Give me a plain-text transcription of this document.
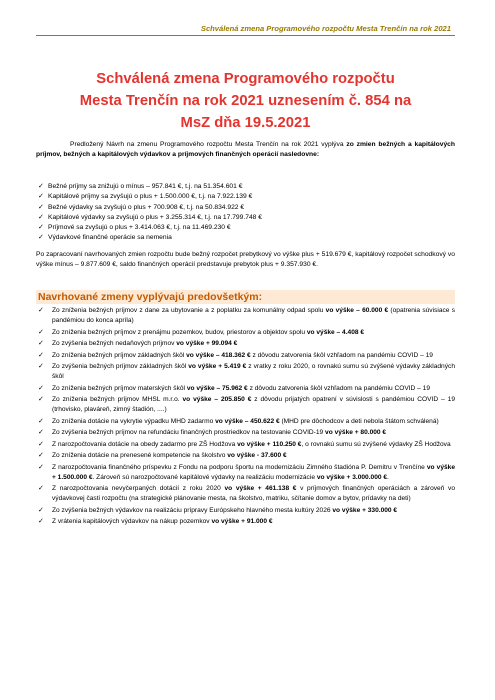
Schválená zmena Programového rozpočtu Mesta Trenčín na rok 2021
Schválená zmena Programového rozpočtu
Mesta Trenčín na rok 2021 uznesením č. 854 na
MsZ dňa 19.5.2021
Predložený Návrh na zmenu Programového rozpočtu Mesta Trenčín na rok 2021 vyplýva zo zmien bežných a kapitálových príjmov, bežných a kapitálových výdavkov a príjmových finančných operácií nasledovne:
✓ Bežné príjmy sa znižujú o mínus – 957.841 €, t.j. na 51.354.601 €
✓ Kapitálové príjmy sa zvyšujú o plus + 1.500.000 €, t.j. na 7.922.139 €
✓ Bežné výdavky sa zvyšujú o plus + 700.908 €, t.j. na 50.834.922 €
✓ Kapitálové výdavky sa zvyšujú o plus + 3.255.314 €, t.j. na 17.799.748 €
✓ Príjmové sa zvyšujú o plus + 3.414.063 €, t.j. na 11.469.230 €
✓ Výdavkové finančné operácie sa nemenia
Po zapracovaní navrhovaných zmien rozpočtu bude bežný rozpočet prebytkový vo výške plus + 519.679 €, kapitálový rozpočet schodkový vo výške mínus – 9.877.609 €, saldo finančných operácií predstavuje prebytok plus + 9.357.930 €.
Navrhované zmeny vyplývajú predovšetkým:
✓	Zo zníženia bežných príjmov z dane za ubytovanie a z poplatku za komunálny odpad spolu vo výške – 60.000 € (opatrenia súvisiace s pandémiou do konca apríla)
✓	Zo zníženia bežných príjmov z prenájmu pozemkov, budov, priestorov a objektov spolu vo výške – 4.408 €
✓	Zo zvýšenia bežných nedaňových príjmov vo výške + 99.094 €
✓	Zo zníženia bežných príjmov základných škôl vo výške – 418.362 € z dôvodu zatvorenia škôl vzhľadom na pandémiu COVID – 19
✓	Zo zvýšenia bežných príjmov základných škôl vo výške + 5.419 € z vratky z roku 2020, o rovnakú sumu sú zvýšené výdavky základných škôl
✓	Zo zníženia bežných príjmov materských škôl vo výške – 75.962 € z dôvodu zatvorenia škôl vzhľadom na pandémiu COVID – 19
✓	Zo zníženia bežných príjmov MHSL m.r.o. vo výške – 205.850 € z dôvodu prijatých opatrení v súvislosti s pandémiou COVID – 19 (trhovisko, plaváreň, zimný štadión, ....)
✓	Zo zníženia dotácie na vykrytie výpadku MHD zadarmo vo výške – 450.622 € (MHD pre dôchodcov a deti nebola štátom schválená)
✓	Zo zvýšenia bežných príjmov na refundáciu finančných prostriedkov na testovanie COVID-19 vo výške + 80.000 €
✓	Z narozpočtovania dotácie na obedy zadarmo pre ZŠ Hodžova vo výške + 110.250 €, o rovnakú sumu sú zvýšené výdavky ZŠ Hodžova
✓	Zo zníženia dotácie na prenesené kompetencie na školstvo vo výške - 37.600 €
✓	Z narozpočtovania finančného príspevku z Fondu na podporu športu na modernizáciu Zimného štadióna P. Demitru v Trenčíne vo výške + 1.500.000 €. Zároveň sú narozpočtované kapitálové výdavky na realizáciu modernizácie vo výške + 3.000.000 €.
✓	Z narozpočtovania nevyčerpaných dotácií z roku 2020 vo výške + 461.138 € v príjmových finančných operáciách a zároveň vo výdavkovej časti rozpočtu (na strategické plánovanie mesta, na školstvo, matriku, sčítanie domov a bytov, prídavky na deti)
✓	Zo zvýšenia bežných výdavkov na realizáciu prípravy Európskeho hlavného mesta kultúry 2026 vo výške + 330.000 €
✓	Z vrátenia kapitálových výdavkov na nákup pozemkov vo výške + 91.000 €
